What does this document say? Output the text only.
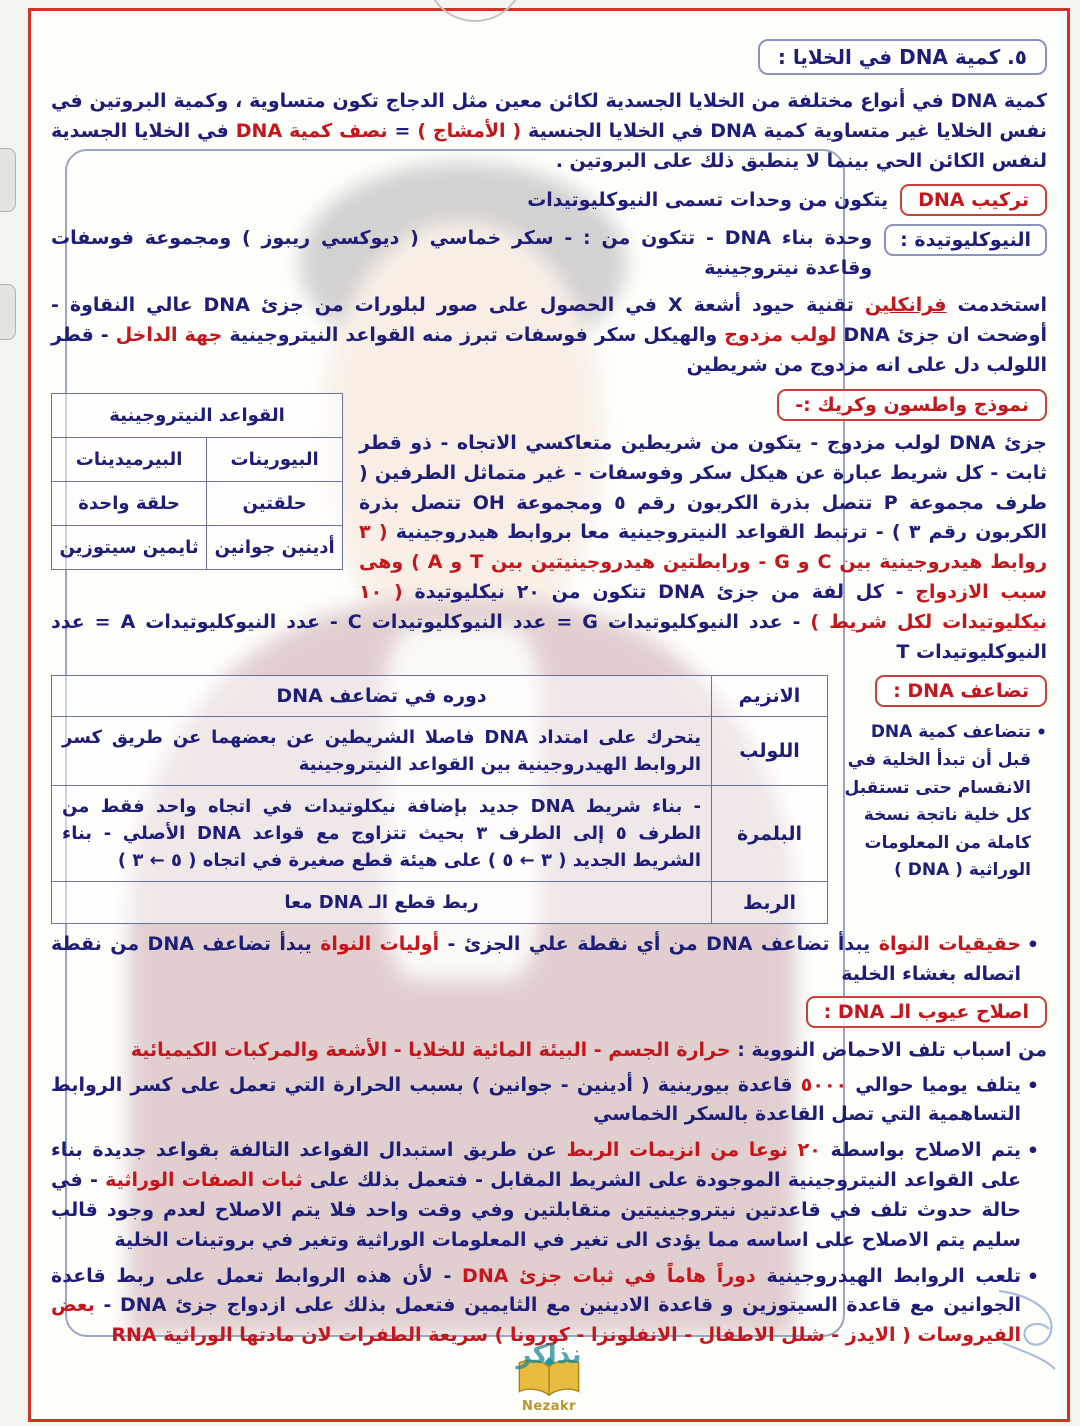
٥. كمية DNA في الخلايا :

كمية DNA في أنواع مختلفة من الخلايا الجسدية لكائن معين مثل الدجاج تكون متساوية ، وكمية البروتين في نفس الخلايا غير متساوية كمية DNA في الخلايا الجنسية ( الأمشاج ) = نصف كمية DNA في الخلايا الجسدية لنفس الكائن الحي بينما لا ينطبق ذلك على البروتين .

تركيب DNA
يتكون من وحدات تسمى النيوكليوتيدات
النيوكليوتيدة :
وحدة بناء DNA - تتكون من : - سكر خماسي ( ديوكسي ريبوز ) ومجموعة فوسفات وقاعدة نيتروجينية

استخدمت فرانكلين تقنية حيود أشعة X في الحصول على صور لبلورات من جزئ DNA عالي النقاوة - أوضحت ان جزئ DNA لولب مزدوج والهيكل سكر فوسفات تبرز منه القواعد النيتروجينية جهة الداخل - قطر اللولب دل على انه مزدوج من شريطين

القواعد النيتروجينية	
البيورينات	البيرميدينات
حلقتين	حلقة واحدة
أدينين جوانين	ثايمين سيتوزين
نموذج واطسون وكريك :-

جزئ DNA لولب مزدوج - يتكون من شريطين متعاكسي الاتجاه - ذو قطر ثابت - كل شريط عبارة عن هيكل سكر وفوسفات - غير متماثل الطرفين ( طرف مجموعة P تتصل بذرة الكربون رقم ٥ ومجموعة OH تتصل بذرة الكربون رقم ٣ ) - ترتبط القواعد النيتروجينية معا بروابط هيدروجينية ( ٣ روابط هيدروجينية بين C و G - ورابطتين هيدروجينيتين بين T و A ) وهى سبب الازدواج - كل لفة من جزئ DNA تتكون من ٢٠ نيكليوتيدة ( ١٠ نيكليوتيدات لكل شريط ) - عدد النيوكليوتيدات G = عدد النيوكليوتيدات C - عدد النيوكليوتيدات A = عدد النيوكليوتيدات T

تضاعف DNA :
• تتضاعف كمية DNA قبل أن تبدأ الخلية في الانقسام حتى تستقبل كل خلية ناتجة نسخة كاملة من المعلومات الوراثية ( DNA )
الانزيم	دوره في تضاعف DNA
اللولب	يتحرك على امتداد DNA فاصلا الشريطين عن بعضهما عن طريق كسر الروابط الهيدروجينية بين القواعد النيتروجينية
البلمرة	- بناء شريط DNA جديد بإضافة نيكلوتيدات في اتجاه واحد فقط من الطرف ٥ إلى الطرف ٣ بحيث تتزاوج مع قواعد DNA الأصلي - بناء الشريط الجديد ( ٣ ← ٥ ) على هيئة قطع صغيرة في اتجاه ( ٥ ← ٣ )
الربط	ربط قطع الـ DNA معا

• حقيقيات النواة يبدأ تضاعف DNA من أي نقطة علي الجزئ - أوليات النواة يبدأ تضاعف DNA من نقطة اتصاله بغشاء الخلية

اصلاح عيوب الـ DNA :

من اسباب تلف الاحماض النووية : حرارة الجسم - البيئة المائية للخلايا - الأشعة والمركبات الكيميائية

• يتلف يوميا حوالي ٥٠٠٠ قاعدة بيورينية ( أدينين - جوانين ) بسبب الحرارة التي تعمل على كسر الروابط التساهمية التي تصل القاعدة بالسكر الخماسي

• يتم الاصلاح بواسطة ٢٠ نوعا من انزيمات الربط عن طريق استبدال القواعد التالفة بقواعد جديدة بناء على القواعد النيتروجينية الموجودة على الشريط المقابل - فتعمل بذلك على ثبات الصفات الوراثية - في حالة حدوث تلف في قاعدتين نيتروجينيتين متقابلتين وفي وقت واحد فلا يتم الاصلاح لعدم وجود قالب سليم يتم الاصلاح على اساسه مما يؤدى الى تغير في المعلومات الوراثية وتغير في بروتينات الخلية

• تلعب الروابط الهيدروجينية دوراً هاماً في ثبات جزئ DNA - لأن هذه الروابط تعمل على ربط قاعدة الجوانين مع قاعدة السيتوزين و قاعدة الادينين مع الثايمين فتعمل بذلك على ازدواج جزئ DNA - بعض الفيروسات ( الايدز - شلل الاطفال - الانفلونزا - كورونا ) سريعة الطفرات لان مادتها الوراثية RNA

نذاكر
Nezakr
